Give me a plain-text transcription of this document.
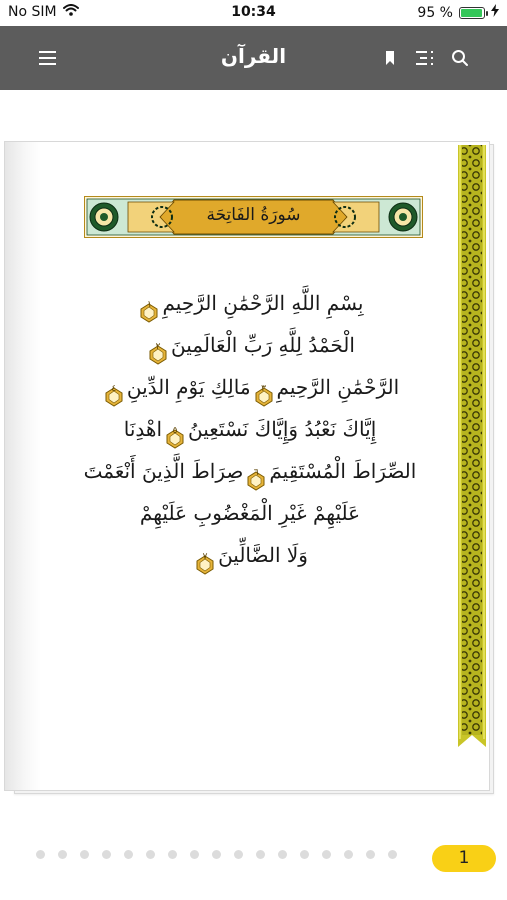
No SIM	10:34	95 %
القرآن
سُورَةُ الفَاتِحَة
بِسْمِ اللَّهِ الرَّحْمَٰنِ الرَّحِيمِ
١
الْحَمْدُ لِلَّهِ رَبِّ الْعَالَمِينَ
٢
الرَّحْمَٰنِ الرَّحِيمِ
٣
مَالِكِ يَوْمِ الدِّينِ
٤
إِيَّاكَ نَعْبُدُ وَإِيَّاكَ نَسْتَعِينُ
٥
اهْدِنَا
الصِّرَاطَ الْمُسْتَقِيمَ
٦
صِرَاطَ الَّذِينَ أَنْعَمْتَ
عَلَيْهِمْ غَيْرِ الْمَغْضُوبِ عَلَيْهِمْ
وَلَا الضَّالِّينَ
٧
1
